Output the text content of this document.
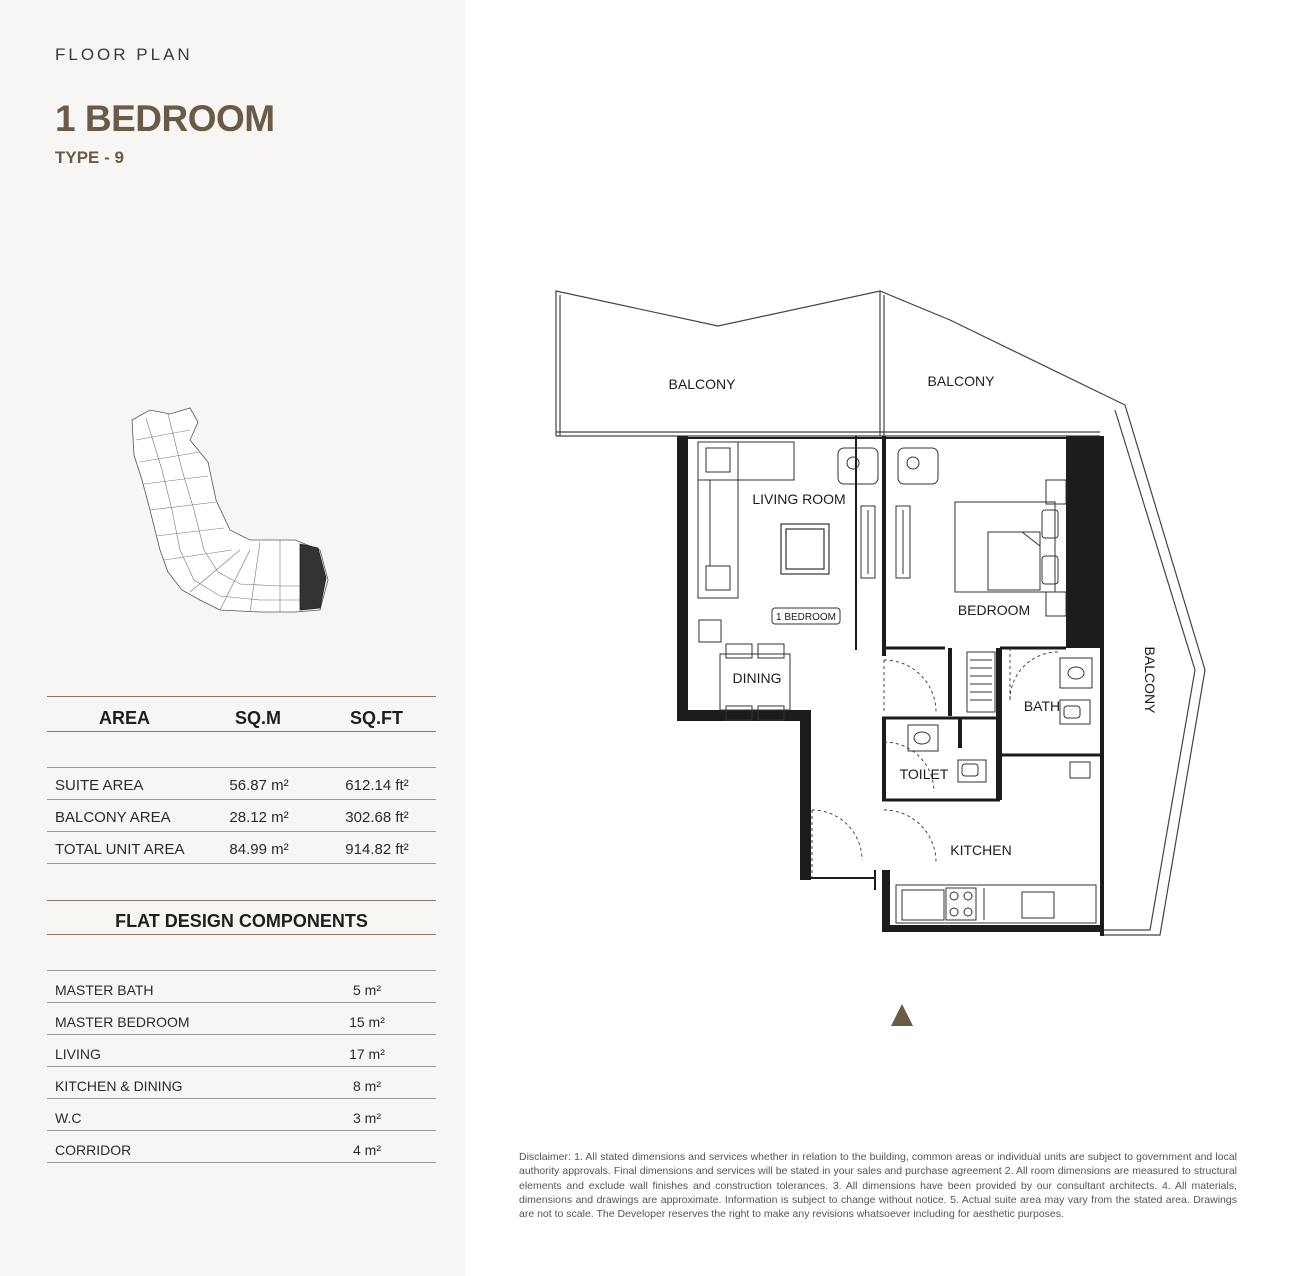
FLOOR PLAN
1 BEDROOM
TYPE - 9
AREA	SQ.M	SQ.FT
SUITE AREA	56.87 m²	612.14 ft²
BALCONY AREA	28.12 m²	302.68 ft²
TOTAL UNIT AREA	84.99 m²	914.82 ft²
FLAT DESIGN COMPONENTS
MASTER BATH	5 m²
MASTER BEDROOM	15 m²
LIVING	17 m²
KITCHEN & DINING	8 m²
W.C	3 m²
CORRIDOR	4 m²
BALCONY	BALCONY
LIVING ROOM
BEDROOM
DINING
BATH
TOILET
KITCHEN
1 BEDROOM
BALCONY
Disclaimer: 1. All stated dimensions and services whether in relation to the building, common areas or individual units are subject to government and local authority approvals. Final dimensions and services will be stated in your sales and purchase agreement 2. All room dimensions are measured to structural elements and exclude wall finishes and construction tolerances. 3. All dimensions have been provided by our consultant architects. 4. All materials, dimensions and drawings are approximate. Information is subject to change without notice. 5. Actual suite area may vary from the stated area. Drawings are not to scale. The Developer reserves the right to make any revisions whatsoever including for aesthetic purposes.
